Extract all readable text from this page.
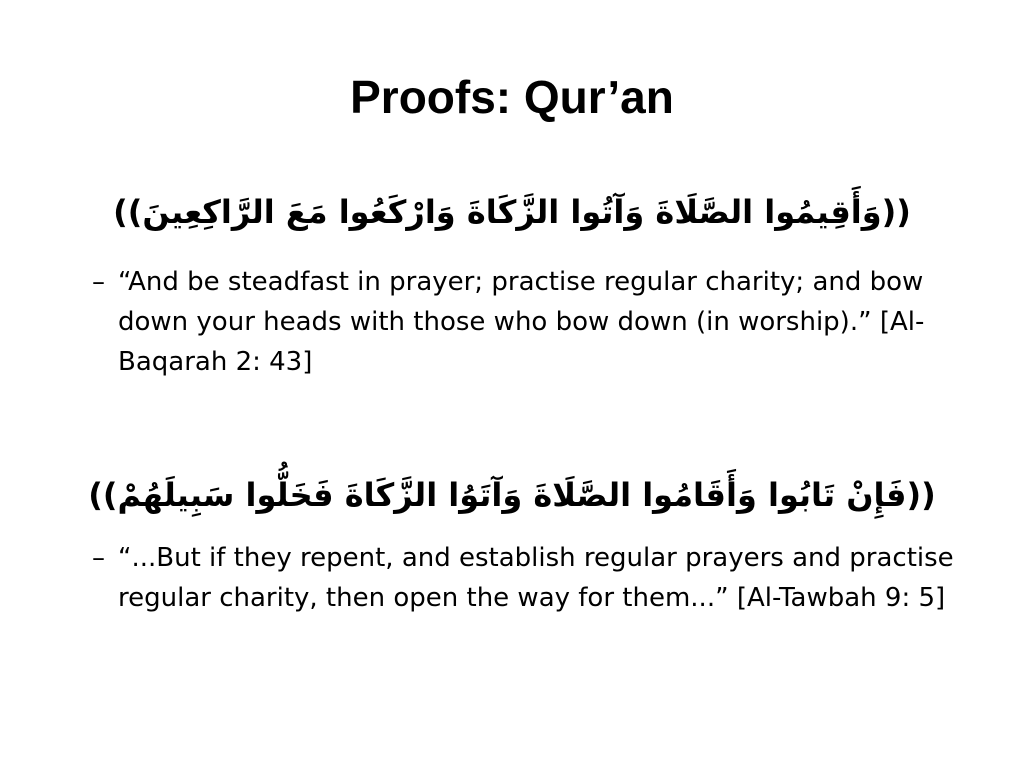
Proofs: Qur’an

((وَأَقِيمُوا الصَّلَاةَ وَآتُوا الزَّكَاةَ وَارْكَعُوا مَعَ الرَّاكِعِينَ))

– “And be steadfast in prayer; practise regular charity; and bow down your heads with those who bow down (in worship).” [Al-Baqarah 2: 43]

((فَإِنْ تَابُوا وَأَقَامُوا الصَّلَاةَ وَآتَوُا الزَّكَاةَ فَخَلُّوا سَبِيلَهُمْ))

– “...But if they repent, and establish regular prayers and practise regular charity, then open the way for them...” [Al-Tawbah 9: 5]
